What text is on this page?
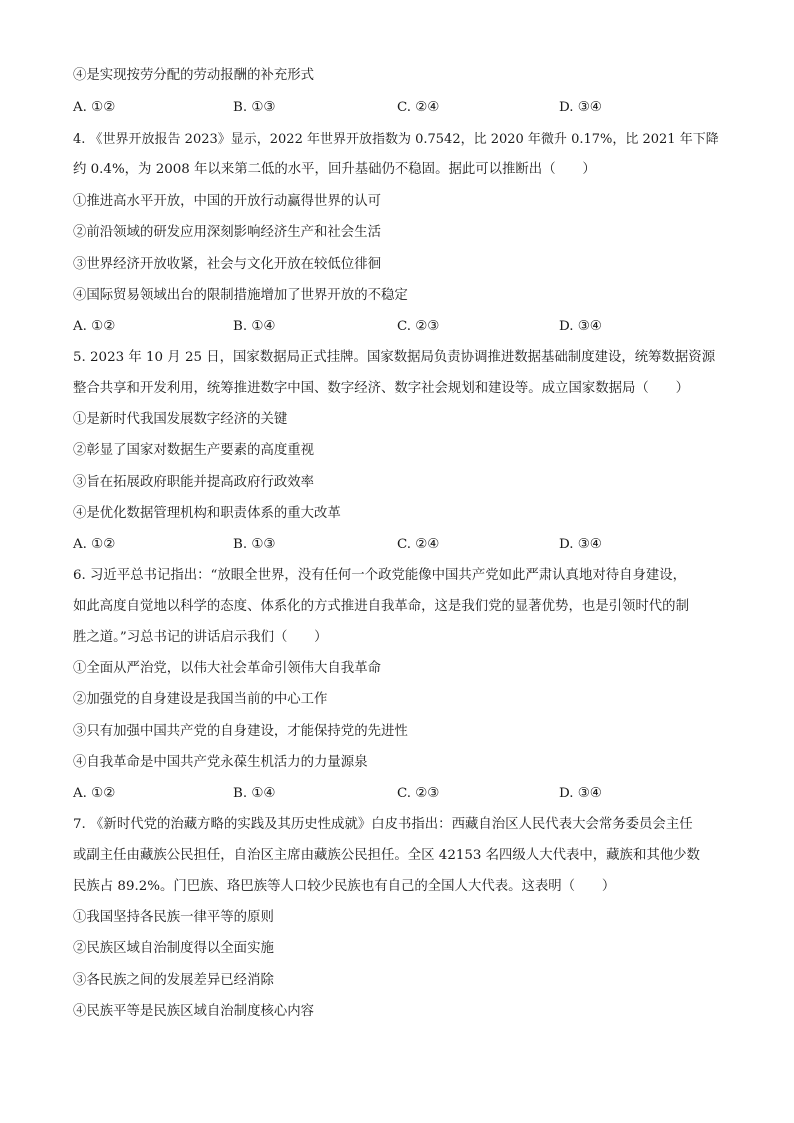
④是实现按劳分配的劳动报酬的补充形式
A. ①②	B. ①③	C. ②④	D. ③④
4. 《世界开放报告 2023》显示，2022 年世界开放指数为 0.7542，比 2020 年微升 0.17%，比 2021 年下降
约 0.4%，为 2008 年以来第二低的水平，回升基础仍不稳固。据此可以推断出（　　）
①推进高水平开放，中国的开放行动赢得世界的认可
②前沿领域的研发应用深刻影响经济生产和社会生活
③世界经济开放收紧，社会与文化开放在较低位徘徊
④国际贸易领域出台的限制措施增加了世界开放的不稳定
A. ①②	B. ①④	C. ②③	D. ③④
5. 2023 年 10 月 25 日，国家数据局正式挂牌。国家数据局负责协调推进数据基础制度建设，统筹数据资源
整合共享和开发利用，统筹推进数字中国、数字经济、数字社会规划和建设等。成立国家数据局（　　）
①是新时代我国发展数字经济的关键
②彰显了国家对数据生产要素的高度重视
③旨在拓展政府职能并提高政府行政效率
④是优化数据管理机构和职责体系的重大改革
A. ①②	B. ①③	C. ②④	D. ③④
6. 习近平总书记指出：“放眼全世界，没有任何一个政党能像中国共产党如此严肃认真地对待自身建设，
如此高度自觉地以科学的态度、体系化的方式推进自我革命，这是我们党的显著优势，也是引领时代的制
胜之道。”习总书记的讲话启示我们（　　）
①全面从严治党，以伟大社会革命引领伟大自我革命
②加强党的自身建设是我国当前的中心工作
③只有加强中国共产党的自身建设，才能保持党的先进性
④自我革命是中国共产党永葆生机活力的力量源泉
A. ①②	B. ①④	C. ②③	D. ③④
7. 《新时代党的治藏方略的实践及其历史性成就》白皮书指出：西藏自治区人民代表大会常务委员会主任
或副主任由藏族公民担任，自治区主席由藏族公民担任。全区 42153 名四级人大代表中，藏族和其他少数
民族占 89.2%。门巴族、珞巴族等人口较少民族也有自己的全国人大代表。这表明（　　）
①我国坚持各民族一律平等的原则
②民族区域自治制度得以全面实施
③各民族之间的发展差异已经消除
④民族平等是民族区域自治制度核心内容
